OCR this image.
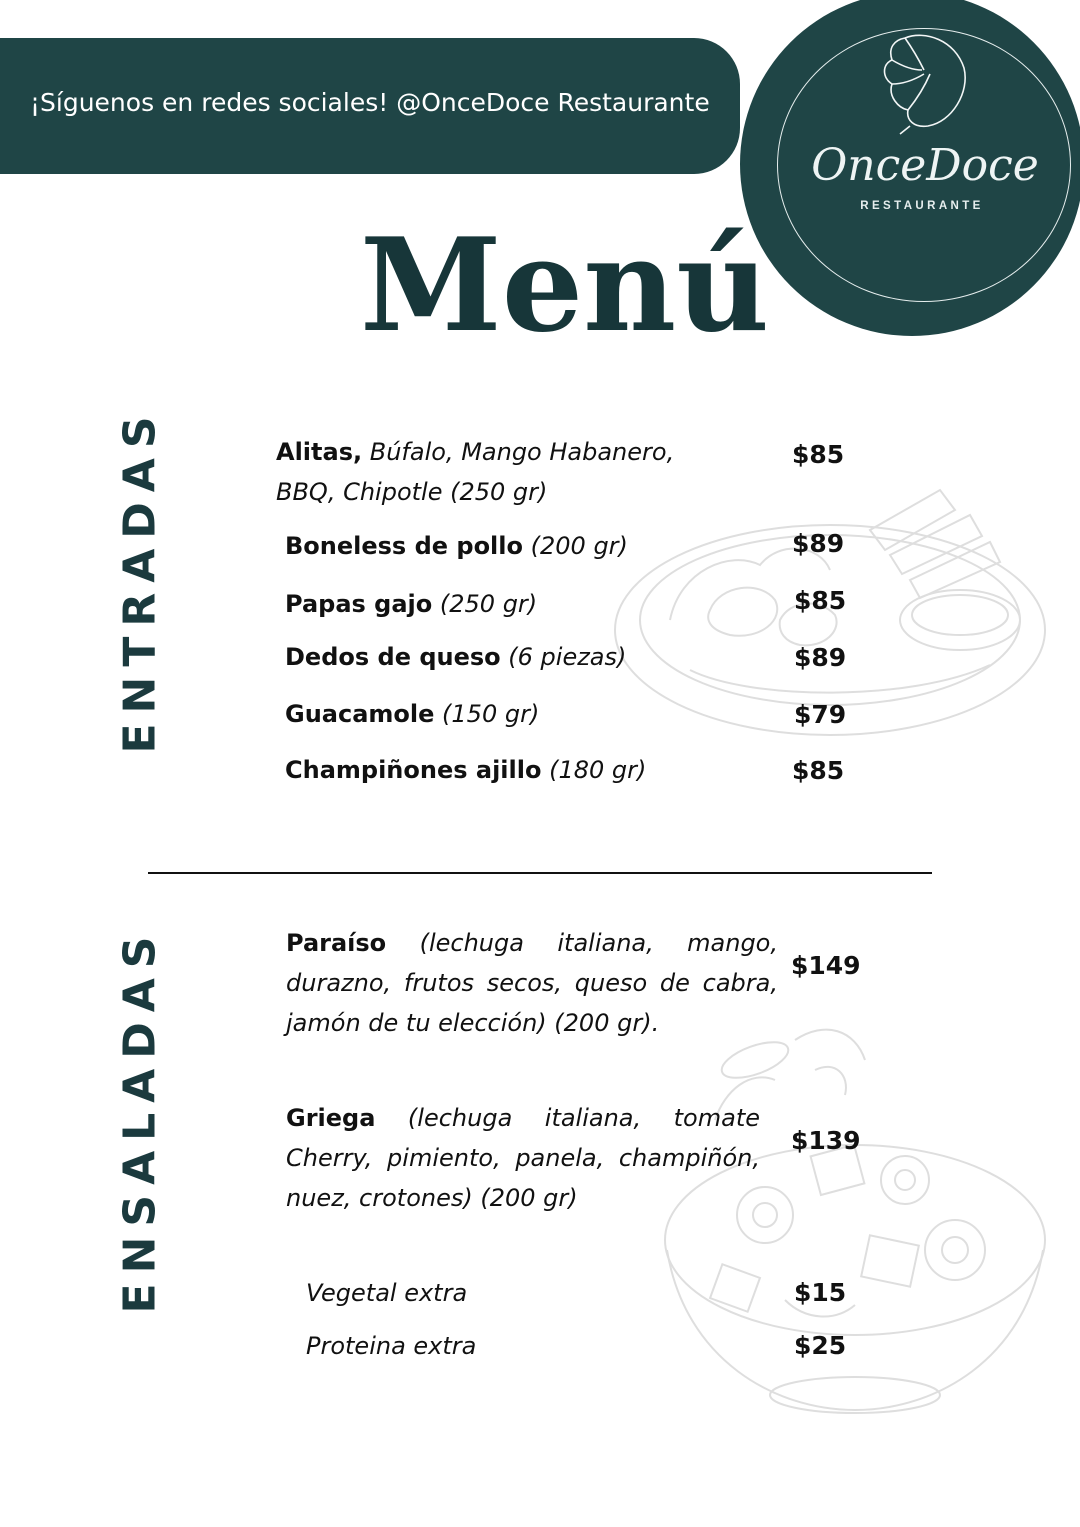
¡Síguenos en redes sociales! @OnceDoce Restaurante
OnceDoce
RESTAURANTE
Menú
ENTRADAS
ENSALADAS
Alitas, Búfalo, Mango Habanero,
BBQ, Chipotle (250 gr)
$85
Boneless de pollo (200 gr)	$89
Papas gajo (250 gr)	$85
Dedos de queso (6 piezas)	$89
Guacamole (150 gr)	$79
Champiñones ajillo (180 gr)	$85
Paraíso (lechuga italiana, mango, durazno, frutos secos, queso de cabra, jamón de tu elección) (200 gr).
$149
Griega (lechuga italiana, tomate Cherry, pimiento, panela, champiñón, nuez, crotones) (200 gr)
$139
Vegetal extra	$15
Proteina extra	$25
